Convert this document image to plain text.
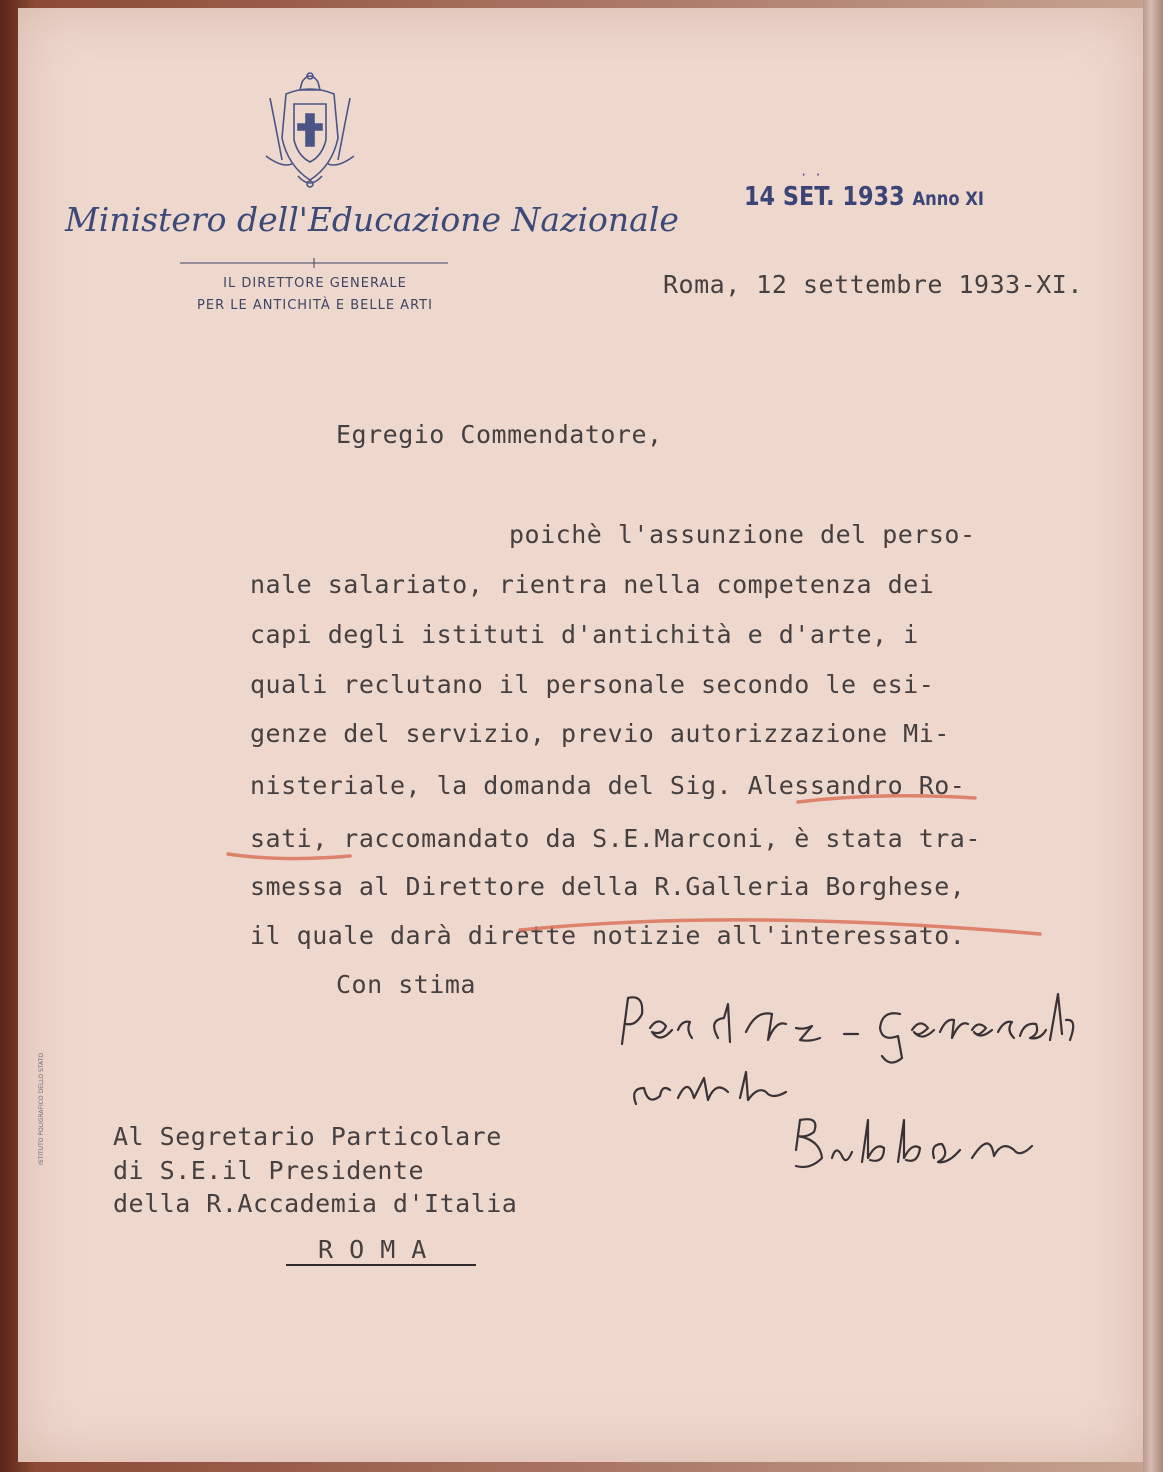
Ministero dell'Educazione Nazionale
IL DIRETTORE GENERALE
PER LE ANTICHITÀ E BELLE ARTI
· ·
14 SET. 1933 Anno XI
Roma, 12 settembre 1933-XI.
Egregio Commendatore,
poichè l'assunzione del perso-
nale salariato, rientra nella competenza dei
capi degli istituti d'antichità e d'arte, i
quali reclutano il personale secondo le esi-
genze del servizio, previo autorizzazione Mi-
nisteriale, la domanda del Sig. Alessandro Ro-
sati, raccomandato da S.E.Marconi, è stata tra-
smessa al Direttore della R.Galleria Borghese,
il quale darà dirette notizie all'interessato.
Con stima
ISTITUTO POLIGRAFICO DELLO STATO	Al Segretario Particolare
di S.E.il Presidente
della R.Accademia d'Italia
R O M A
